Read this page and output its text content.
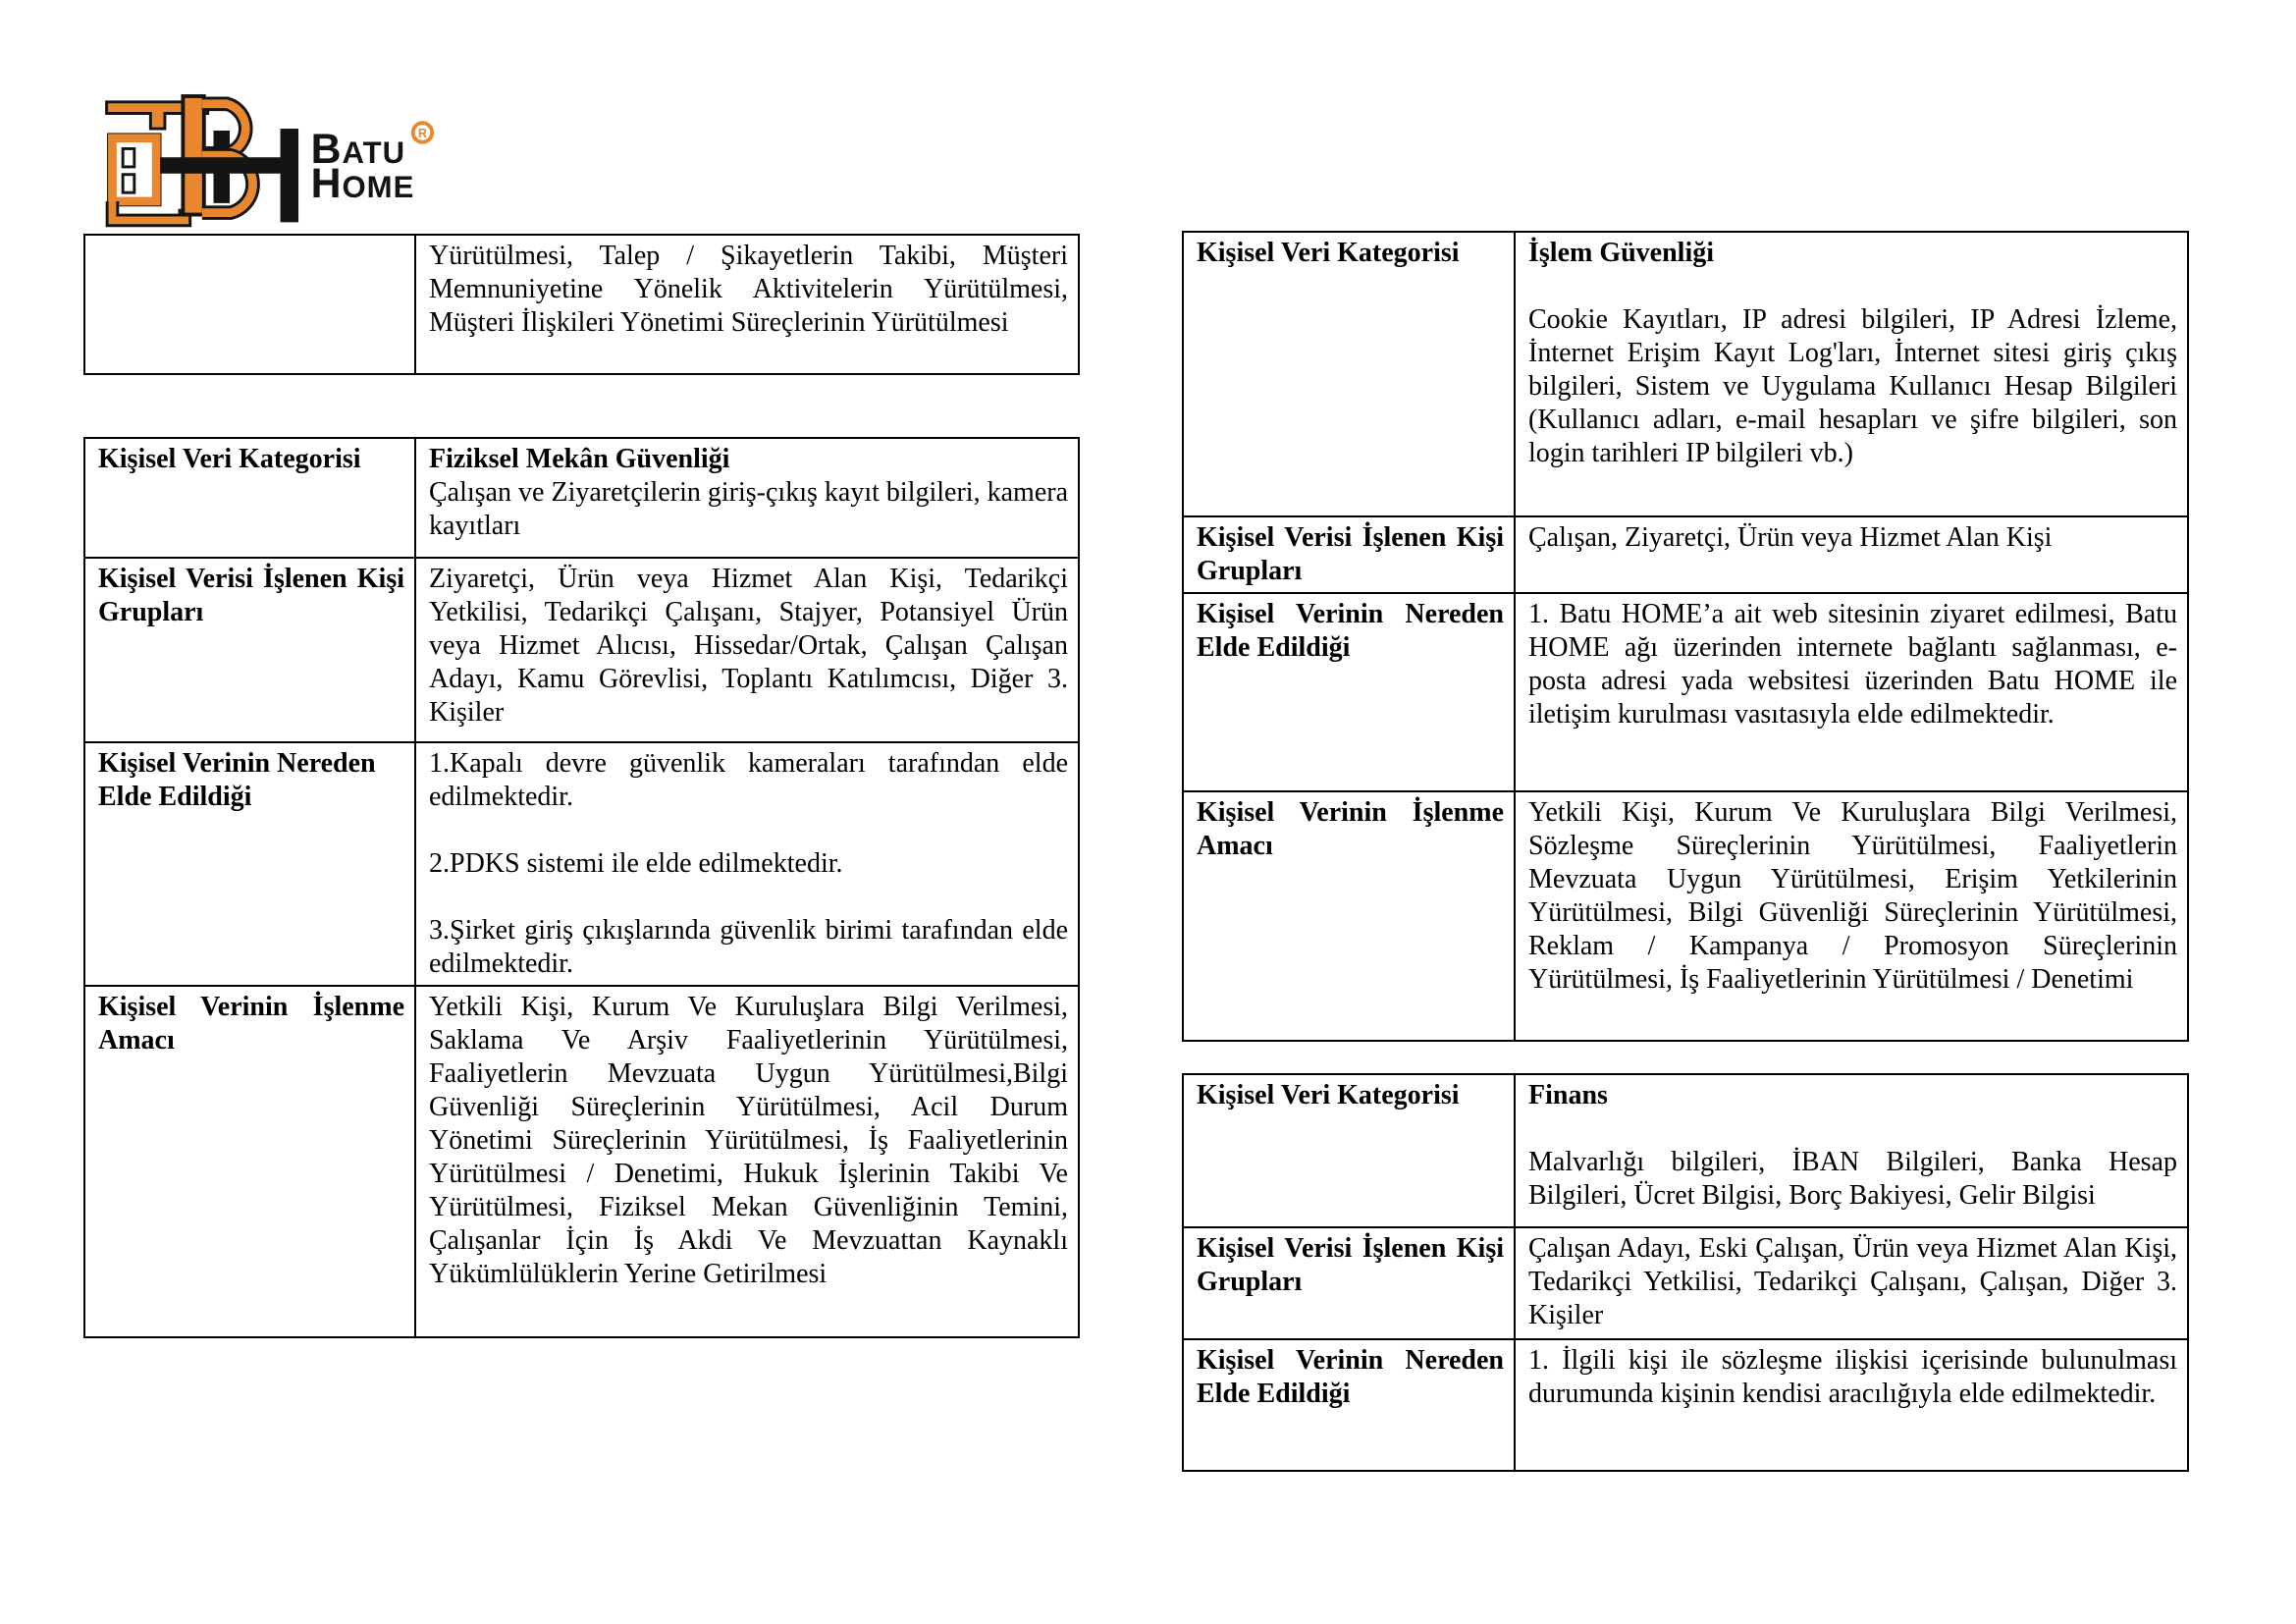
BATU
HOME
R

Yürütülmesi, Talep / Şikayetlerin Takibi, Müşteri Memnuniyetine Yönelik Aktivitelerin Yürütülmesi, Müşteri İlişkileri Yönetimi Süreçlerinin Yürütülmesi

Kişisel Veri Kategorisi	Fiziksel Mekân Güvenliği

Çalışan ve Ziyaretçilerin giriş-çıkış kayıt bilgileri, kamera kayıtları

Kişisel Verisi İşlenen Kişi Grupları	Ziyaretçi, Ürün veya Hizmet Alan Kişi, Tedarikçi Yetkilisi, Tedarikçi Çalışanı, Stajyer, Potansiyel Ürün veya Hizmet Alıcısı, Hissedar/Ortak, Çalışan Çalışan Adayı, Kamu Görevlisi, Toplantı Katılımcısı, Diğer 3. Kişiler

Kişisel Verinin Nereden Elde Edildiği	1.Kapalı devre güvenlik kameraları tarafından elde edilmektedir.

2.PDKS sistemi ile elde edilmektedir.

3.Şirket giriş çıkışlarında güvenlik birimi tarafından elde edilmektedir.

Kişisel Verinin İşlenme Amacı	Yetkili Kişi, Kurum Ve Kuruluşlara Bilgi Verilmesi, Saklama Ve Arşiv Faaliyetlerinin Yürütülmesi, Faaliyetlerin Mevzuata Uygun Yürütülmesi,Bilgi Güvenliği Süreçlerinin Yürütülmesi, Acil Durum Yönetimi Süreçlerinin Yürütülmesi, İş Faaliyetlerinin Yürütülmesi / Denetimi, Hukuk İşlerinin Takibi Ve Yürütülmesi, Fiziksel Mekan Güvenliğinin Temini, Çalışanlar İçin İş Akdi Ve Mevzuattan Kaynaklı Yükümlülüklerin Yerine Getirilmesi

Kişisel Veri Kategorisi	İşlem Güvenliği

Cookie Kayıtları, IP adresi bilgileri, IP Adresi İzleme, İnternet Erişim Kayıt Log'ları, İnternet sitesi giriş çıkış bilgileri, Sistem ve Uygulama Kullanıcı Hesap Bilgileri (Kullanıcı adları, e-mail hesapları ve şifre bilgileri, son login tarihleri IP bilgileri vb.)

Kişisel Verisi İşlenen Kişi Grupları	Çalışan, Ziyaretçi, Ürün veya Hizmet Alan Kişi

Kişisel Verinin Nereden Elde Edildiği	1. Batu HOME’a ait web sitesinin ziyaret edilmesi, Batu HOME ağı üzerinden internete bağlantı sağlanması, e-posta adresi yada websitesi üzerinden Batu HOME ile iletişim kurulması vasıtasıyla elde edilmektedir.

Kişisel Verinin İşlenme Amacı	Yetkili Kişi, Kurum Ve Kuruluşlara Bilgi Verilmesi, Sözleşme Süreçlerinin Yürütülmesi, Faaliyetlerin Mevzuata Uygun Yürütülmesi, Erişim Yetkilerinin Yürütülmesi, Bilgi Güvenliği Süreçlerinin Yürütülmesi, Reklam / Kampanya / Promosyon Süreçlerinin Yürütülmesi, İş Faaliyetlerinin Yürütülmesi / Denetimi

Kişisel Veri Kategorisi	Finans

Malvarlığı bilgileri, İBAN Bilgileri, Banka Hesap Bilgileri, Ücret Bilgisi, Borç Bakiyesi, Gelir Bilgisi

Kişisel Verisi İşlenen Kişi Grupları	Çalışan Adayı, Eski Çalışan, Ürün veya Hizmet Alan Kişi, Tedarikçi Yetkilisi, Tedarikçi Çalışanı, Çalışan, Diğer 3. Kişiler

Kişisel Verinin Nereden Elde Edildiği	1. İlgili kişi ile sözleşme ilişkisi içerisinde bulunulması durumunda kişinin kendisi aracılığıyla elde edilmektedir.
